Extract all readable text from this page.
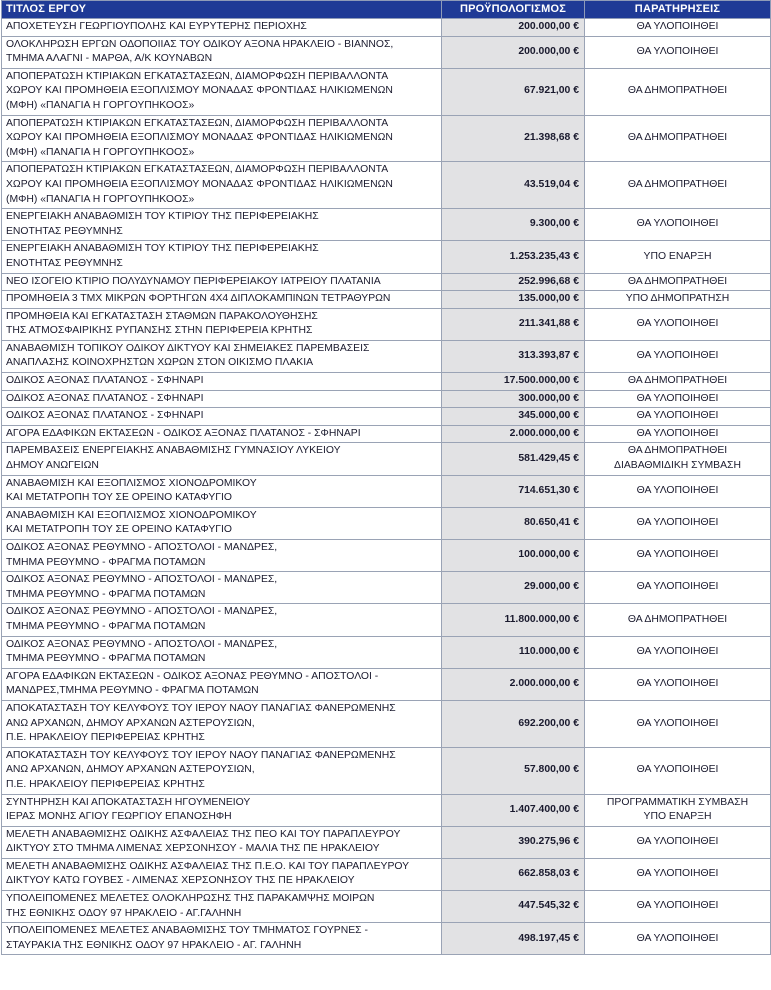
ΤΙΤΛΟΣ ΕΡΓΟΥ	ΠΡΟΫΠΟΛΟΓΙΣΜΟΣ	ΠΑΡΑΤΗΡΗΣΕΙΣ

ΑΠΟΧΕΤΕΥΣΗ ΓΕΩΡΓΙΟΥΠΟΛΗΣ ΚΑΙ ΕΥΡΥΤΕΡΗΣ ΠΕΡΙΟΧΗΣ	200.000,00 €	ΘΑ ΥΛΟΠΟΙΗΘΕΙ

ΟΛΟΚΛΗΡΩΣΗ ΕΡΓΩΝ ΟΔΟΠΟΙΙΑΣ ΤΟΥ ΟΔΙΚΟΥ ΑΞΟΝΑ ΗΡΑΚΛΕΙΟ - ΒΙΑΝΝΟΣ,
ΤΜΗΜΑ ΑΛΑΓΝΙ - ΜΑΡΘΑ, Α/Κ ΚΟΥΝΑΒΩΝ	200.000,00 €	ΘΑ ΥΛΟΠΟΙΗΘΕΙ

ΑΠΟΠΕΡΑΤΩΣΗ ΚΤΙΡΙΑΚΩΝ ΕΓΚΑΤΑΣΤΑΣΕΩΝ, ΔΙΑΜΟΡΦΩΣΗ ΠΕΡΙΒΑΛΛΟΝΤΑ
ΧΩΡΟΥ ΚΑΙ ΠΡΟΜΗΘΕΙΑ ΕΞΟΠΛΙΣΜΟΥ ΜΟΝΑΔΑΣ ΦΡΟΝΤΙΔΑΣ ΗΛΙΚΙΩΜΕΝΩΝ
(ΜΦΗ) «ΠΑΝΑΓΙΑ Η ΓΟΡΓΟΥΠΗΚΟΟΣ»	67.921,00 €	ΘΑ ΔΗΜΟΠΡΑΤΗΘΕΙ

ΑΠΟΠΕΡΑΤΩΣΗ ΚΤΙΡΙΑΚΩΝ ΕΓΚΑΤΑΣΤΑΣΕΩΝ, ΔΙΑΜΟΡΦΩΣΗ ΠΕΡΙΒΑΛΛΟΝΤΑ
ΧΩΡΟΥ ΚΑΙ ΠΡΟΜΗΘΕΙΑ ΕΞΟΠΛΙΣΜΟΥ ΜΟΝΑΔΑΣ ΦΡΟΝΤΙΔΑΣ ΗΛΙΚΙΩΜΕΝΩΝ
(ΜΦΗ) «ΠΑΝΑΓΙΑ Η ΓΟΡΓΟΥΠΗΚΟΟΣ»	21.398,68 €	ΘΑ ΔΗΜΟΠΡΑΤΗΘΕΙ

ΑΠΟΠΕΡΑΤΩΣΗ ΚΤΙΡΙΑΚΩΝ ΕΓΚΑΤΑΣΤΑΣΕΩΝ, ΔΙΑΜΟΡΦΩΣΗ ΠΕΡΙΒΑΛΛΟΝΤΑ
ΧΩΡΟΥ ΚΑΙ ΠΡΟΜΗΘΕΙΑ ΕΞΟΠΛΙΣΜΟΥ ΜΟΝΑΔΑΣ ΦΡΟΝΤΙΔΑΣ ΗΛΙΚΙΩΜΕΝΩΝ
(ΜΦΗ) «ΠΑΝΑΓΙΑ Η ΓΟΡΓΟΥΠΗΚΟΟΣ»	43.519,04 €	ΘΑ ΔΗΜΟΠΡΑΤΗΘΕΙ

ΕΝΕΡΓΕΙΑΚΗ ΑΝΑΒΑΘΜΙΣΗ ΤΟΥ ΚΤΙΡΙΟΥ ΤΗΣ ΠΕΡΙΦΕΡΕΙΑΚΗΣ
ΕΝΟΤΗΤΑΣ ΡΕΘΥΜΝΗΣ	9.300,00 €	ΘΑ ΥΛΟΠΟΙΗΘΕΙ

ΕΝΕΡΓΕΙΑΚΗ ΑΝΑΒΑΘΜΙΣΗ ΤΟΥ ΚΤΙΡΙΟΥ ΤΗΣ ΠΕΡΙΦΕΡΕΙΑΚΗΣ
ΕΝΟΤΗΤΑΣ ΡΕΘΥΜΝΗΣ	1.253.235,43 €	ΥΠΟ ΕΝΑΡΞΗ

ΝΕΟ ΙΣΟΓΕΙΟ ΚΤΙΡΙΟ ΠΟΛΥΔΥΝΑΜΟΥ ΠΕΡΙΦΕΡΕΙΑΚΟΥ ΙΑΤΡΕΙΟΥ ΠΛΑΤΑΝΙΑ	252.996,68 €	ΘΑ ΔΗΜΟΠΡΑΤΗΘΕΙ

ΠΡΟΜΗΘΕΙΑ 3 ΤΜΧ ΜΙΚΡΩΝ ΦΟΡΤΗΓΩΝ 4Χ4 ΔΙΠΛΟΚΑΜΠΙΝΩΝ ΤΕΤΡΑΘΥΡΩΝ	135.000,00 €	ΥΠΟ ΔΗΜΟΠΡΑΤΗΣΗ

ΠΡΟΜΗΘΕΙΑ ΚΑΙ ΕΓΚΑΤΑΣΤΑΣΗ ΣΤΑΘΜΩΝ ΠΑΡΑΚΟΛΟΥΘΗΣΗΣ
ΤΗΣ ΑΤΜΟΣΦΑΙΡΙΚΗΣ ΡΥΠΑΝΣΗΣ ΣΤΗΝ ΠΕΡΙΦΕΡΕΙΑ ΚΡΗΤΗΣ	211.341,88 €	ΘΑ ΥΛΟΠΟΙΗΘΕΙ

ΑΝΑΒΑΘΜΙΣΗ ΤΟΠΙΚΟΥ ΟΔΙΚΟΥ ΔΙΚΤΥΟΥ ΚΑΙ ΣΗΜΕΙΑΚΕΣ ΠΑΡΕΜΒΑΣΕΙΣ
ΑΝΑΠΛΑΣΗΣ ΚΟΙΝΟΧΡΗΣΤΩΝ ΧΩΡΩΝ ΣΤΟΝ ΟΙΚΙΣΜΟ ΠΛΑΚΙΑ	313.393,87 €	ΘΑ ΥΛΟΠΟΙΗΘΕΙ

ΟΔΙΚΟΣ ΑΞΟΝΑΣ ΠΛΑΤΑΝΟΣ - ΣΦΗΝΑΡΙ	17.500.000,00 €	ΘΑ ΔΗΜΟΠΡΑΤΗΘΕΙ

ΟΔΙΚΟΣ ΑΞΟΝΑΣ ΠΛΑΤΑΝΟΣ - ΣΦΗΝΑΡΙ	300.000,00 €	ΘΑ ΥΛΟΠΟΙΗΘΕΙ

ΟΔΙΚΟΣ ΑΞΟΝΑΣ ΠΛΑΤΑΝΟΣ - ΣΦΗΝΑΡΙ	345.000,00 €	ΘΑ ΥΛΟΠΟΙΗΘΕΙ

ΑΓΟΡΑ ΕΔΑΦΙΚΩΝ ΕΚΤΑΣΕΩΝ - ΟΔΙΚΟΣ ΑΞΟΝΑΣ ΠΛΑΤΑΝΟΣ - ΣΦΗΝΑΡΙ	2.000.000,00 €	ΘΑ ΥΛΟΠΟΙΗΘΕΙ

ΠΑΡΕΜΒΑΣΕΙΣ ΕΝΕΡΓΕΙΑΚΗΣ ΑΝΑΒΑΘΜΙΣΗΣ ΓΥΜΝΑΣΙΟΥ ΛΥΚΕΙΟΥ
ΔΗΜΟΥ ΑΝΩΓΕΙΩΝ	581.429,45 €	ΘΑ ΔΗΜΟΠΡΑΤΗΘΕΙ
ΔΙΑΒΑΘΜΙΔΙΚΗ ΣΥΜΒΑΣΗ

ΑΝΑΒΑΘΜΙΣΗ ΚΑΙ ΕΞΟΠΛΙΣΜΟΣ ΧΙΟΝΟΔΡΟΜΙΚΟΥ
ΚΑΙ ΜΕΤΑΤΡΟΠΗ ΤΟΥ ΣΕ ΟΡΕΙΝΟ ΚΑΤΑΦΥΓΙΟ	714.651,30 €	ΘΑ ΥΛΟΠΟΙΗΘΕΙ

ΑΝΑΒΑΘΜΙΣΗ ΚΑΙ ΕΞΟΠΛΙΣΜΟΣ ΧΙΟΝΟΔΡΟΜΙΚΟΥ
ΚΑΙ ΜΕΤΑΤΡΟΠΗ ΤΟΥ ΣΕ ΟΡΕΙΝΟ ΚΑΤΑΦΥΓΙΟ	80.650,41 €	ΘΑ ΥΛΟΠΟΙΗΘΕΙ

ΟΔΙΚΟΣ ΑΞΟΝΑΣ ΡΕΘΥΜΝΟ - ΑΠΟΣΤΟΛΟΙ - ΜΑΝΔΡΕΣ,
ΤΜΗΜΑ ΡΕΘΥΜΝΟ - ΦΡΑΓΜΑ ΠΟΤΑΜΩΝ	100.000,00 €	ΘΑ ΥΛΟΠΟΙΗΘΕΙ

ΟΔΙΚΟΣ ΑΞΟΝΑΣ ΡΕΘΥΜΝΟ - ΑΠΟΣΤΟΛΟΙ - ΜΑΝΔΡΕΣ,
ΤΜΗΜΑ ΡΕΘΥΜΝΟ - ΦΡΑΓΜΑ ΠΟΤΑΜΩΝ	29.000,00 €	ΘΑ ΥΛΟΠΟΙΗΘΕΙ

ΟΔΙΚΟΣ ΑΞΟΝΑΣ ΡΕΘΥΜΝΟ - ΑΠΟΣΤΟΛΟΙ - ΜΑΝΔΡΕΣ,
ΤΜΗΜΑ ΡΕΘΥΜΝΟ - ΦΡΑΓΜΑ ΠΟΤΑΜΩΝ	11.800.000,00 €	ΘΑ ΔΗΜΟΠΡΑΤΗΘΕΙ

ΟΔΙΚΟΣ ΑΞΟΝΑΣ ΡΕΘΥΜΝΟ - ΑΠΟΣΤΟΛΟΙ - ΜΑΝΔΡΕΣ,
ΤΜΗΜΑ ΡΕΘΥΜΝΟ - ΦΡΑΓΜΑ ΠΟΤΑΜΩΝ	110.000,00 €	ΘΑ ΥΛΟΠΟΙΗΘΕΙ

ΑΓΟΡΑ ΕΔΑΦΙΚΩΝ ΕΚΤΑΣΕΩΝ - ΟΔΙΚΟΣ ΑΞΟΝΑΣ ΡΕΘΥΜΝΟ - ΑΠΟΣΤΟΛΟΙ -
ΜΑΝΔΡΕΣ,ΤΜΗΜΑ ΡΕΘΥΜΝΟ - ΦΡΑΓΜΑ ΠΟΤΑΜΩΝ	2.000.000,00 €	ΘΑ ΥΛΟΠΟΙΗΘΕΙ

ΑΠΟΚΑΤΑΣΤΑΣΗ ΤΟΥ ΚΕΛΥΦΟΥΣ ΤΟΥ ΙΕΡΟΥ ΝΑΟΥ ΠΑΝΑΓΙΑΣ ΦΑΝΕΡΩΜΕΝΗΣ
ΑΝΩ ΑΡΧΑΝΩΝ, ΔΗΜΟΥ ΑΡΧΑΝΩΝ ΑΣΤΕΡΟΥΣΙΩΝ,
Π.Ε. ΗΡΑΚΛΕΙΟΥ ΠΕΡΙΦΕΡΕΙΑΣ ΚΡΗΤΗΣ	692.200,00 €	ΘΑ ΥΛΟΠΟΙΗΘΕΙ

ΑΠΟΚΑΤΑΣΤΑΣΗ ΤΟΥ ΚΕΛΥΦΟΥΣ ΤΟΥ ΙΕΡΟΥ ΝΑΟΥ ΠΑΝΑΓΙΑΣ ΦΑΝΕΡΩΜΕΝΗΣ
ΑΝΩ ΑΡΧΑΝΩΝ, ΔΗΜΟΥ ΑΡΧΑΝΩΝ ΑΣΤΕΡΟΥΣΙΩΝ,
Π.Ε. ΗΡΑΚΛΕΙΟΥ ΠΕΡΙΦΕΡΕΙΑΣ ΚΡΗΤΗΣ	57.800,00 €	ΘΑ ΥΛΟΠΟΙΗΘΕΙ

ΣΥΝΤΗΡΗΣΗ ΚΑΙ ΑΠΟΚΑΤΑΣΤΑΣΗ ΗΓΟΥΜΕΝΕΙΟΥ
ΙΕΡΑΣ ΜΟΝΗΣ ΑΓΙΟΥ ΓΕΩΡΓΙΟΥ ΕΠΑΝΟΣΗΦΗ	1.407.400,00 €	ΠΡΟΓΡΑΜΜΑΤΙΚΗ ΣΥΜΒΑΣΗ
ΥΠΟ ΕΝΑΡΞΗ

ΜΕΛΕΤΗ ΑΝΑΒΑΘΜΙΣΗΣ ΟΔΙΚΗΣ ΑΣΦΑΛΕΙΑΣ ΤΗΣ ΠΕΟ ΚΑΙ ΤΟΥ ΠΑΡΑΠΛΕΥΡΟΥ
ΔΙΚΤΥΟΥ ΣΤΟ ΤΜΗΜΑ ΛΙΜΕΝΑΣ ΧΕΡΣΟΝΗΣΟΥ - ΜΑΛΙΑ ΤΗΣ ΠΕ ΗΡΑΚΛΕΙΟΥ	390.275,96 €	ΘΑ ΥΛΟΠΟΙΗΘΕΙ

ΜΕΛΕΤΗ ΑΝΑΒΑΘΜΙΣΗΣ ΟΔΙΚΗΣ ΑΣΦΑΛΕΙΑΣ ΤΗΣ Π.Ε.Ο. ΚΑΙ ΤΟΥ ΠΑΡΑΠΛΕΥΡΟΥ
ΔΙΚΤΥΟΥ ΚΑΤΩ ΓΟΥΒΕΣ - ΛΙΜΕΝΑΣ ΧΕΡΣΟΝΗΣΟΥ ΤΗΣ ΠΕ ΗΡΑΚΛΕΙΟΥ	662.858,03 €	ΘΑ ΥΛΟΠΟΙΗΘΕΙ

ΥΠΟΛΕΙΠΟΜΕΝΕΣ ΜΕΛΕΤΕΣ ΟΛΟΚΛΗΡΩΣΗΣ ΤΗΣ ΠΑΡΑΚΑΜΨΗΣ ΜΟΙΡΩΝ
ΤΗΣ ΕΘΝΙΚΗΣ ΟΔΟΥ 97 ΗΡΑΚΛΕΙΟ - ΑΓ.ΓΑΛΗΝΗ	447.545,32 €	ΘΑ ΥΛΟΠΟΙΗΘΕΙ

ΥΠΟΛΕΙΠΟΜΕΝΕΣ ΜΕΛΕΤΕΣ ΑΝΑΒΑΘΜΙΣΗΣ ΤΟΥ ΤΜΗΜΑΤΟΣ ΓΟΥΡΝΕΣ -
ΣΤΑΥΡΑΚΙΑ ΤΗΣ ΕΘΝΙΚΗΣ ΟΔΟΥ 97 ΗΡΑΚΛΕΙΟ - ΑΓ. ΓΑΛΗΝΗ	498.197,45 €	ΘΑ ΥΛΟΠΟΙΗΘΕΙ
